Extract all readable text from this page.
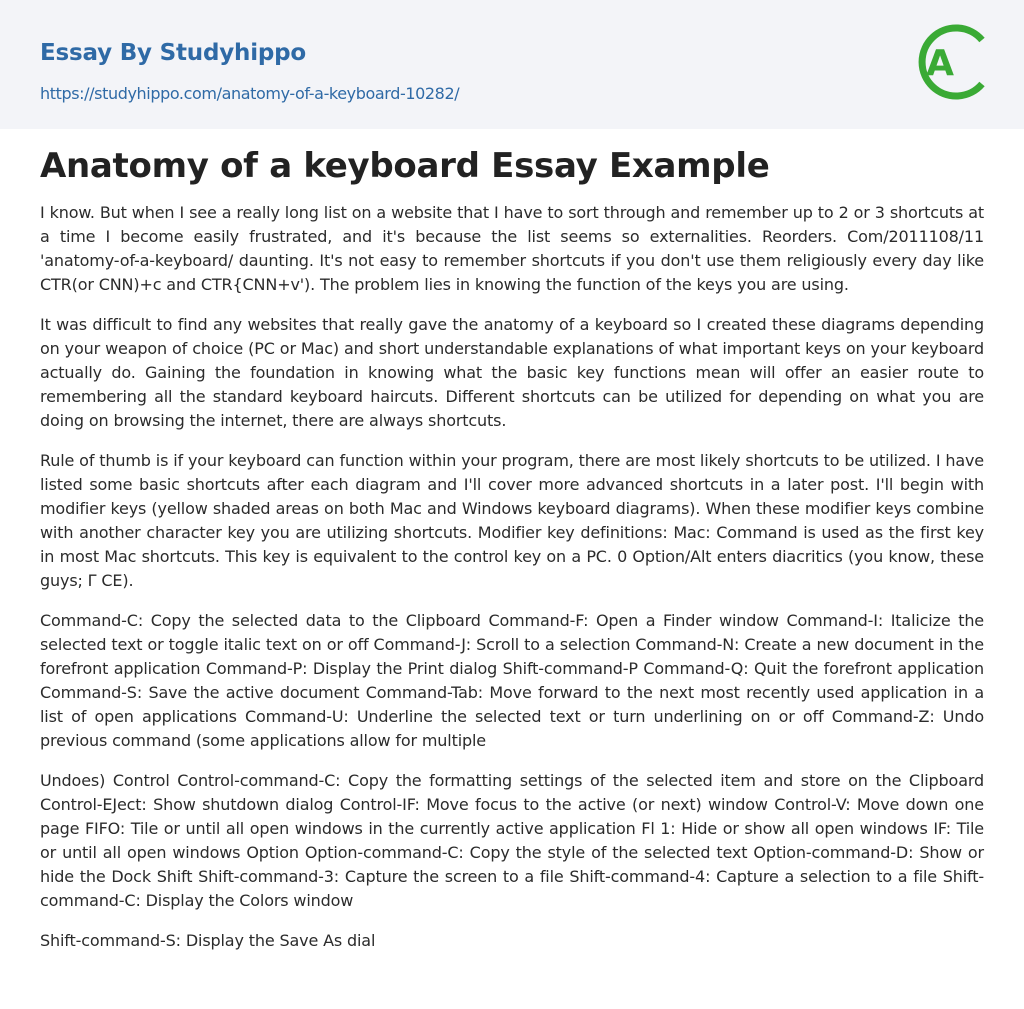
Essay By Studyhippo
https://studyhippo.com/anatomy-of-a-keyboard-10282/
A
Anatomy of a keyboard Essay Example

I know. But when I see a really long list on a website that I have to sort through and remember up to 2 or 3 shortcuts at a time I become easily frustrated, and it's because the list seems so externalities. Reorders. Com/2011108/11 'anatomy-of-a-keyboard/ daunting. It's not easy to remember shortcuts if you don't use them religiously every day like CTR(or CNN)+c and CTR{CNN+v'). The problem lies in knowing the function of the keys you are using.

It was difficult to find any websites that really gave the anatomy of a keyboard so I created these diagrams depending on your weapon of choice (PC or Mac) and short understandable explanations of what important keys on your keyboard actually do. Gaining the foundation in knowing what the basic key functions mean will offer an easier route to remembering all the standard keyboard haircuts. Different shortcuts can be utilized for depending on what you are doing on browsing the internet, there are always shortcuts.

Rule of thumb is if your keyboard can function within your program, there are most likely shortcuts to be utilized. I have listed some basic shortcuts after each diagram and I'll cover more advanced shortcuts in a later post. I'll begin with modifier keys (yellow shaded areas on both Mac and Windows keyboard diagrams). When these modifier keys combine with another character key you are utilizing shortcuts. Modifier key definitions: Mac: Command is used as the first key in most Mac shortcuts. This key is equivalent to the control key on a PC. 0 Option/Alt enters diacritics (you know, these guys; Γ CE).

Command-C: Copy the selected data to the Clipboard Command-F: Open a Finder window Command-I: Italicize the selected text or toggle italic text on or off Command-J: Scroll to a selection Command-N: Create a new document in the forefront application Command-P: Display the Print dialog Shift-command-P Command-Q: Quit the forefront application Command-S: Save the active document Command-Tab: Move forward to the next most recently used application in a list of open applications Command-U: Underline the selected text or turn underlining on or off Command-Z: Undo previous command (some applications allow for multiple

Undoes) Control Control-command-C: Copy the formatting settings of the selected item and store on the Clipboard Control-EJect: Show shutdown dialog Control-IF: Move focus to the active (or next) window Control-V: Move down one page FIFO: Tile or until all open windows in the currently active application Fl 1: Hide or show all open windows IF: Tile or until all open windows Option Option-command-C: Copy the style of the selected text Option-command-D: Show or hide the Dock Shift Shift-command-3: Capture the screen to a file Shift-command-4: Capture a selection to a file Shift-command-C: Display the Colors window

Shift-command-S: Display the Save As dial
